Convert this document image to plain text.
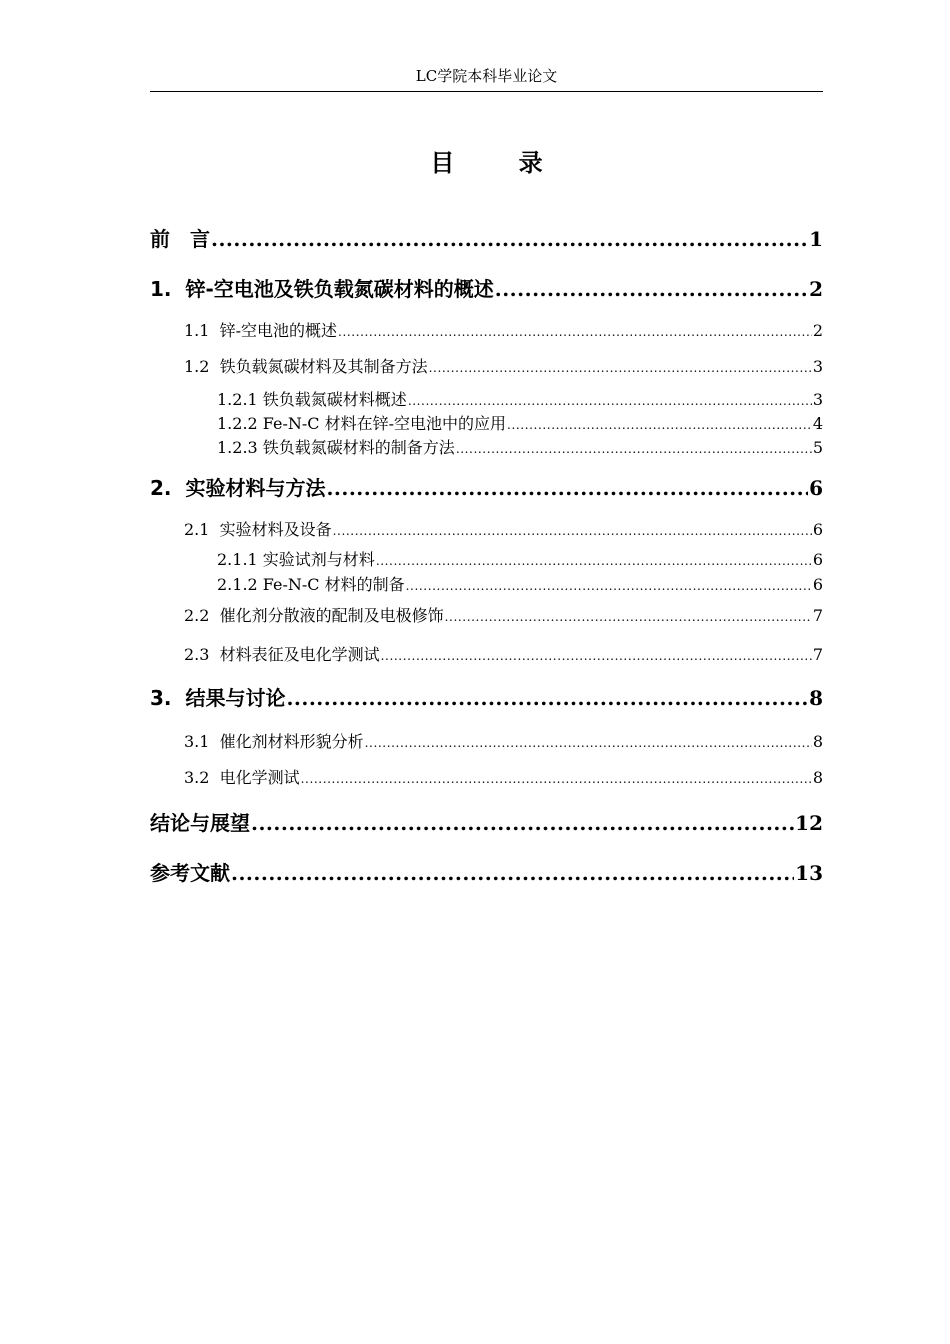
LC学院本科毕业论文
目 录
前　言 .....	1
1.  锌-空电池及铁负载氮碳材料的概述 .....	2
1.1  锌-空电池的概述 .....	2
1.2  铁负载氮碳材料及其制备方法 .....	3
1.2.1 铁负载氮碳材料概述 .....	3
1.2.2 Fe-N-C 材料在锌-空电池中的应用 .....	4
1.2.3 铁负载氮碳材料的制备方法 .....	5
2.  实验材料与方法 .....	6
2.1  实验材料及设备 .....	6
2.1.1 实验试剂与材料 .....	6
2.1.2 Fe-N-C 材料的制备 .....	6
2.2  催化剂分散液的配制及电极修饰 .....	7
2.3  材料表征及电化学测试 .....	7
3.  结果与讨论 .....	8
3.1  催化剂材料形貌分析 .....	8
3.2  电化学测试 .....	8
结论与展望 .....	12
参考文献 .....	13
